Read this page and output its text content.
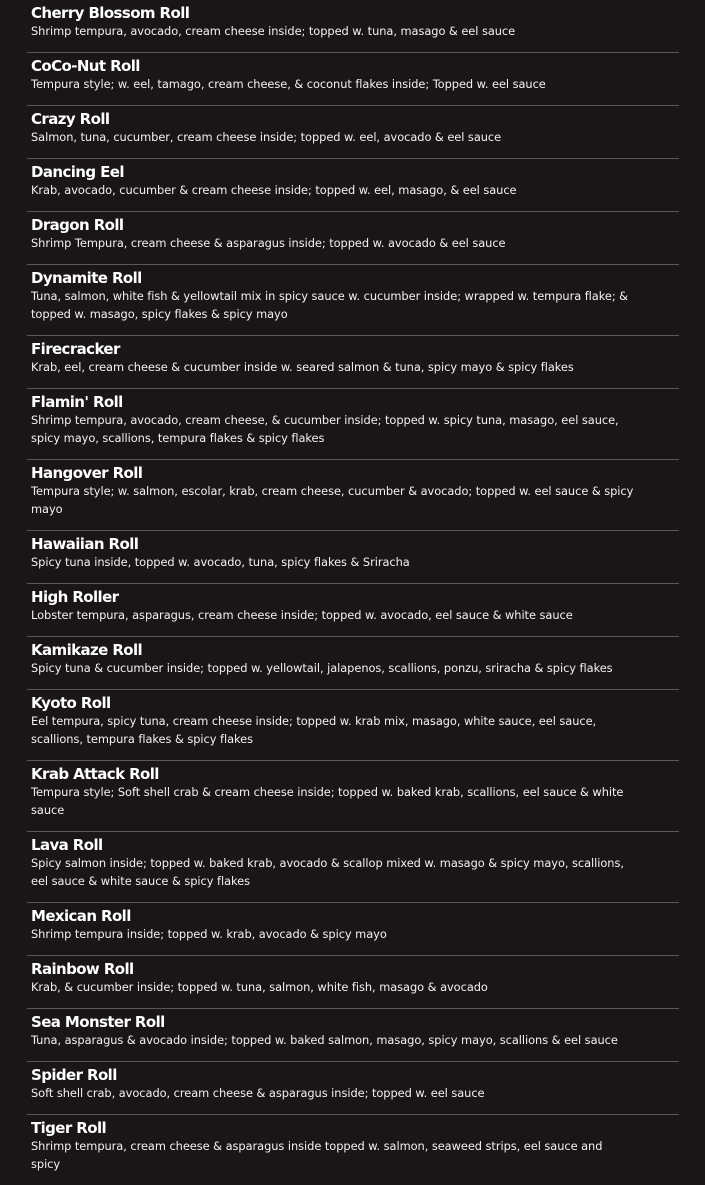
Cherry Blossom Roll
Shrimp tempura, avocado, cream cheese inside; topped w. tuna, masago & eel sauce
CoCo-Nut Roll
Tempura style; w. eel, tamago, cream cheese, & coconut flakes inside; Topped w. eel sauce
Crazy Roll
Salmon, tuna, cucumber, cream cheese inside; topped w. eel, avocado & eel sauce
Dancing Eel
Krab, avocado, cucumber & cream cheese inside; topped w. eel, masago, & eel sauce
Dragon Roll
Shrimp Tempura, cream cheese & asparagus inside; topped w. avocado & eel sauce
Dynamite Roll
Tuna, salmon, white fish & yellowtail mix in spicy sauce w. cucumber inside; wrapped w. tempura flake; & topped w. masago, spicy flakes & spicy mayo
Firecracker
Krab, eel, cream cheese & cucumber inside w. seared salmon & tuna, spicy mayo & spicy flakes
Flamin' Roll
Shrimp tempura, avocado, cream cheese, & cucumber inside; topped w. spicy tuna, masago, eel sauce, spicy mayo, scallions, tempura flakes & spicy flakes
Hangover Roll
Tempura style; w. salmon, escolar, krab, cream cheese, cucumber & avocado; topped w. eel sauce & spicy mayo
Hawaiian Roll
Spicy tuna inside, topped w. avocado, tuna, spicy flakes & Sriracha
High Roller
Lobster tempura, asparagus, cream cheese inside; topped w. avocado, eel sauce & white sauce
Kamikaze Roll
Spicy tuna & cucumber inside; topped w. yellowtail, jalapenos, scallions, ponzu, sriracha & spicy flakes
Kyoto Roll
Eel tempura, spicy tuna, cream cheese inside; topped w. krab mix, masago, white sauce, eel sauce, scallions, tempura flakes & spicy flakes
Krab Attack Roll
Tempura style; Soft shell crab & cream cheese inside; topped w. baked krab, scallions, eel sauce & white sauce
Lava Roll
Spicy salmon inside; topped w. baked krab, avocado & scallop mixed w. masago & spicy mayo, scallions, eel sauce & white sauce & spicy flakes
Mexican Roll
Shrimp tempura inside; topped w. krab, avocado & spicy mayo
Rainbow Roll
Krab, & cucumber inside; topped w. tuna, salmon, white fish, masago & avocado
Sea Monster Roll
Tuna, asparagus & avocado inside; topped w. baked salmon, masago, spicy mayo, scallions & eel sauce
Spider Roll
Soft shell crab, avocado, cream cheese & asparagus inside; topped w. eel sauce
Tiger Roll
Shrimp tempura, cream cheese & asparagus inside topped w. salmon, seaweed strips, eel sauce and spicy
